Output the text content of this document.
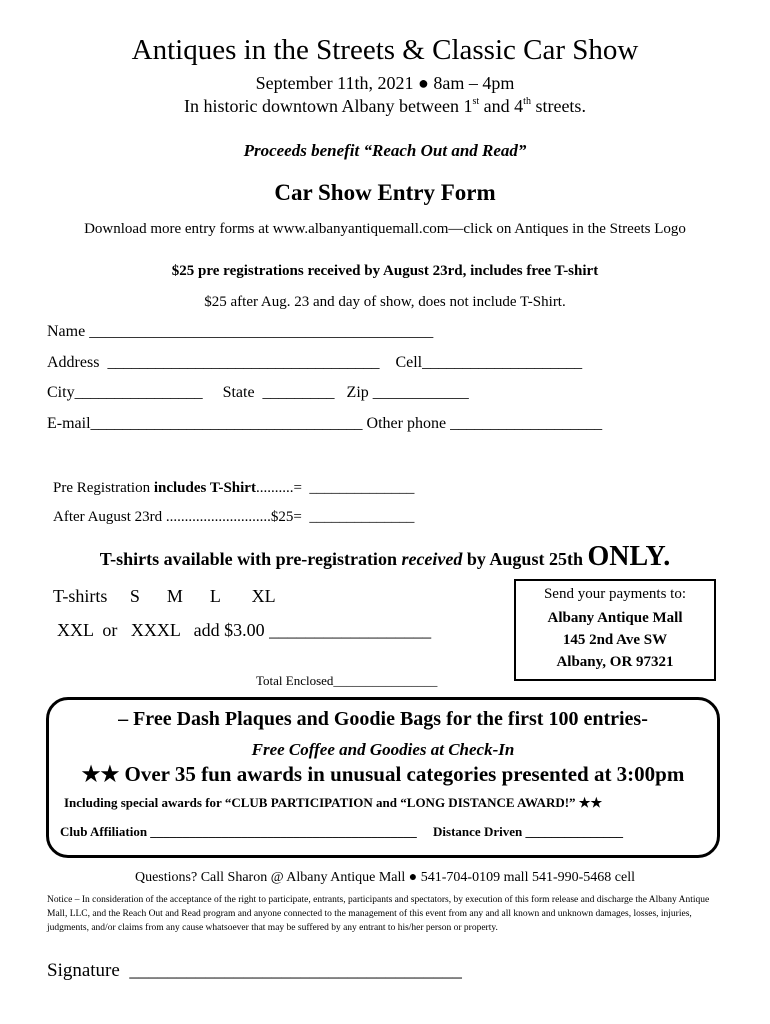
Antiques in the Streets & Classic Car Show
September 11th, 2021 ● 8am – 4pm
In historic downtown Albany between 1st and 4th streets.
Proceeds benefit “Reach Out and Read”
Car Show Entry Form
Download more entry forms at www.albanyantiquemall.com—click on Antiques in the Streets Logo
$25 pre registrations received by August 23rd, includes free T-shirt
$25 after Aug. 23 and day of show, does not include T-Shirt.
Name ___________________________________________
Address  __________________________________    Cell____________________
City________________     State  _________   Zip ____________
E-mail__________________________________ Other phone ___________________
Pre Registration includes T-Shirt..........=  ______________
After August 23rd ............................$25=  ______________
T-shirts available with pre-registration received by August 25th ONLY.
T-shirts     S      M      L       XL
XXL  or   XXXL   add $3.00 __________________
Total Enclosed________________
Send your payments to:
Albany Antique Mall
145 2nd Ave SW
Albany, OR 97321
– Free Dash Plaques and Goodie Bags for the first 100 entries-
Free Coffee and Goodies at Check-In
★★ Over 35 fun awards in unusual categories presented at 3:00pm
Including special awards for “CLUB PARTICIPATION and “LONG DISTANCE AWARD!” ★★
Club Affiliation _________________________________________     Distance Driven _______________
Questions? Call Sharon @ Albany Antique Mall ● 541-704-0109 mall 541-990-5468 cell
Notice – In consideration of the acceptance of the right to participate, entrants, participants and spectators, by execution of this form release and discharge the Albany Antique Mall, LLC, and the Reach Out and Read program and anyone connected to the management of this event from any and all known and unknown damages, losses, injuries, judgments, and/or claims from any cause whatsoever that may be suffered by any entrant to his/her person or property.
Signature  ___________________________________
